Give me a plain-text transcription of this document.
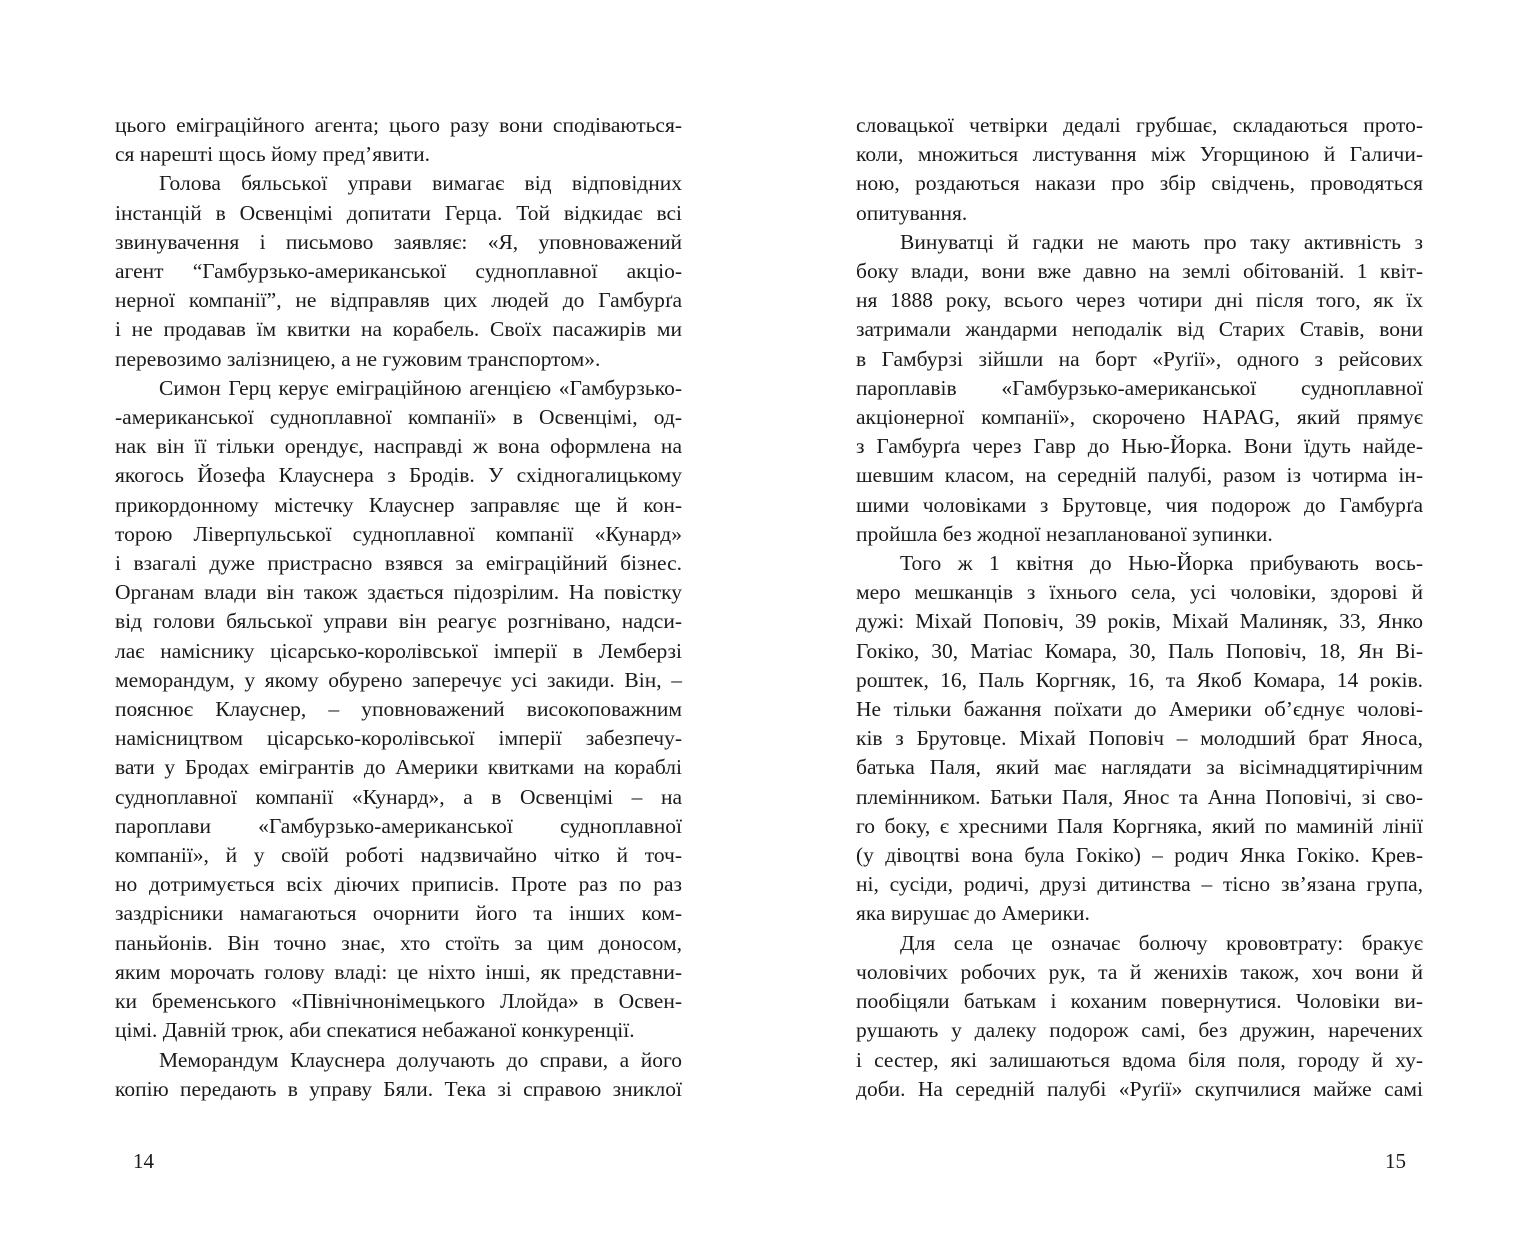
цього еміграційного агента; цього разу вони сподіваються-
ся нарешті щось йому пред’явити.

Голова бяльської управи вимагає від відповідних
інстанцій в Освенцімі допитати Герца. Той відкидає всі
звинувачення і письмово заявляє: «Я, уповноважений
агент “Гамбурзько-американської судноплавної акціо-
нерної компанії”, не відправляв цих людей до Гамбурґа
і не продавав їм квитки на корабель. Своїх пасажирів ми
перевозимо залізницею, а не гужовим транспортом».

Симон Герц керує еміграційною агенцією «Гамбурзько-
-американської судноплавної компанії» в Освенцімі, од-
нак він її тільки орендує, насправді ж вона оформлена на
якогось Йозефа Клауснера з Бродів. У східногалицькому
прикордонному містечку Клауснер заправляє ще й кон-
торою Ліверпульської судноплавної компанії «Кунард»
і взагалі дуже пристрасно взявся за еміграційний бізнес.
Органам влади він також здається підозрілим. На повістку
від голови бяльської управи він реагує розгнівано, надси-
лає наміснику цісарсько-королівської імперії в Лемберзі
меморандум, у якому обурено заперечує усі закиди. Він, –
пояснює Клауснер, – уповноважений високоповажним
намісництвом цісарсько-королівської імперії забезпечу-
вати у Бродах емігрантів до Америки квитками на кораблі
судноплавної компанії «Кунард», а в Освенцімі – на
пароплави «Гамбурзько-американської судноплавної
компанії», й у своїй роботі надзвичайно чітко й точ-
но дотримується всіх діючих приписів. Проте раз по раз
заздрісники намагаються очорнити його та інших ком-
паньйонів. Він точно знає, хто стоїть за цим доносом,
яким морочать голову владі: це ніхто інші, як представни-
ки бременського «Північнонімецького Ллойда» в Освен-
цімі. Давній трюк, аби спекатися небажаної конкуренції.

Меморандум Клауснера долучають до справи, а його
копію передають в управу Бяли. Тека зі справою зниклої

словацької четвірки дедалі грубшає, складаються прото-
коли, множиться листування між Угорщиною й Галичи-
ною, роздаються накази про збір свідчень, проводяться
опитування.

Винуватці й гадки не мають про таку активність з
боку влади, вони вже давно на землі обітованій. 1 квіт-
ня 1888 року, всього через чотири дні після того, як їх
затримали жандарми неподалік від Старих Ставів, вони
в Гамбурзі зійшли на борт «Руґії», одного з рейсових
пароплавів «Гамбурзько-американської судноплавної
акціонерної компанії», скорочено HAPAG, який прямує
з Гамбурґа через Гавр до Нью-Йорка. Вони їдуть найде-
шевшим класом, на середній палубі, разом із чотирма ін-
шими чоловіками з Брутовце, чия подорож до Гамбурґа
пройшла без жодної незапланованої зупинки.

Того ж 1 квітня до Нью-Йорка прибувають вось-
меро мешканців з їхнього села, усі чоловіки, здорові й
дужі: Міхай Поповіч, 39 років, Міхай Малиняк, 33, Янко
Гокіко, 30, Матіас Комара, 30, Паль Поповіч, 18, Ян Ві-
роштек, 16, Паль Коргняк, 16, та Якоб Комара, 14 років.
Не тільки бажання поїхати до Америки об’єднує чолові-
ків з Брутовце. Міхай Поповіч – молодший брат Яноса,
батька Паля, який має наглядати за вісімнадцятирічним
племінником. Батьки Паля, Янос та Анна Поповічі, зі сво-
го боку, є хресними Паля Коргняка, який по маминій лінії
(у дівоцтві вона була Гокіко) – родич Янка Гокіко. Крев-
ні, сусіди, родичі, друзі дитинства – тісно зв’язана група,
яка вирушає до Америки.

Для села це означає болючу крововтрату: бракує
чоловічих робочих рук, та й женихів також, хоч вони й
пообіцяли батькам і коханим повернутися. Чоловіки ви-
рушають у далеку подорож самі, без дружин, наречених
і сестер, які залишаються вдома біля поля, городу й ху-
доби. На середній палубі «Руґії» скупчилися майже самі

14	15
